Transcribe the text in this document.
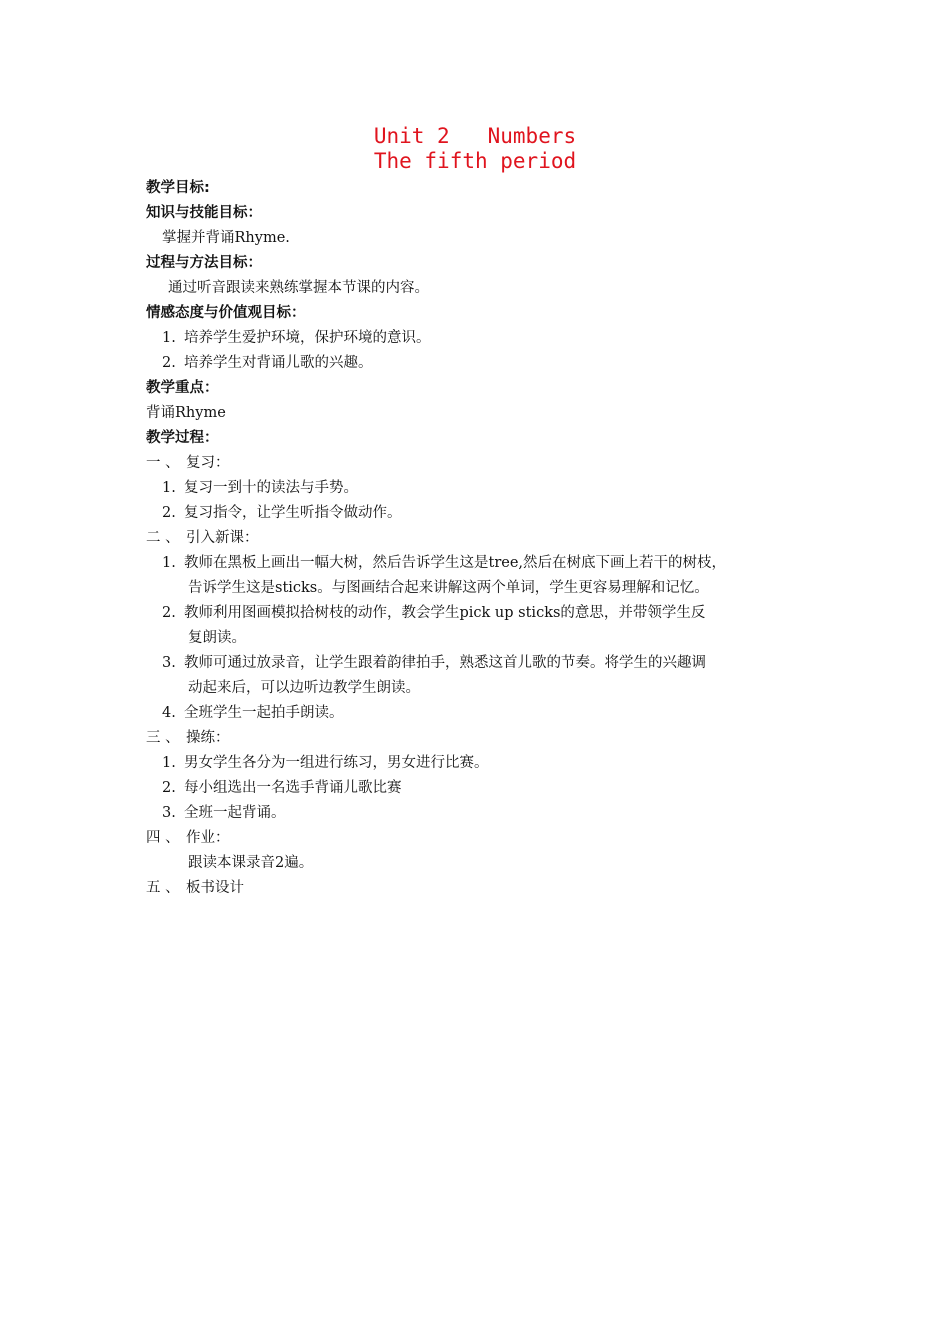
Unit 2   Numbers
The fifth period
教学目标:
知识与技能目标：
掌握并背诵Rhyme.
过程与方法目标：
通过听音跟读来熟练掌握本节课的内容。
情感态度与价值观目标：
1. 培养学生爱护环境，保护环境的意识。
2. 培养学生对背诵儿歌的兴趣。
教学重点：
背诵Rhyme
教学过程：
一 、 复习：
1. 复习一到十的读法与手势。
2. 复习指令，让学生听指令做动作。
二 、 引入新课：
1. 教师在黑板上画出一幅大树，然后告诉学生这是tree,然后在树底下画上若干的树枝，
告诉学生这是sticks。与图画结合起来讲解这两个单词，学生更容易理解和记忆。
2. 教师利用图画模拟拾树枝的动作，教会学生pick up sticks的意思，并带领学生反
复朗读。
3. 教师可通过放录音，让学生跟着韵律拍手，熟悉这首儿歌的节奏。将学生的兴趣调
动起来后，可以边听边教学生朗读。
4. 全班学生一起拍手朗读。
三 、 操练：
1. 男女学生各分为一组进行练习，男女进行比赛。
2. 每小组选出一名选手背诵儿歌比赛
3. 全班一起背诵。
四 、 作业：
跟读本课录音2遍。
五 、 板书设计
